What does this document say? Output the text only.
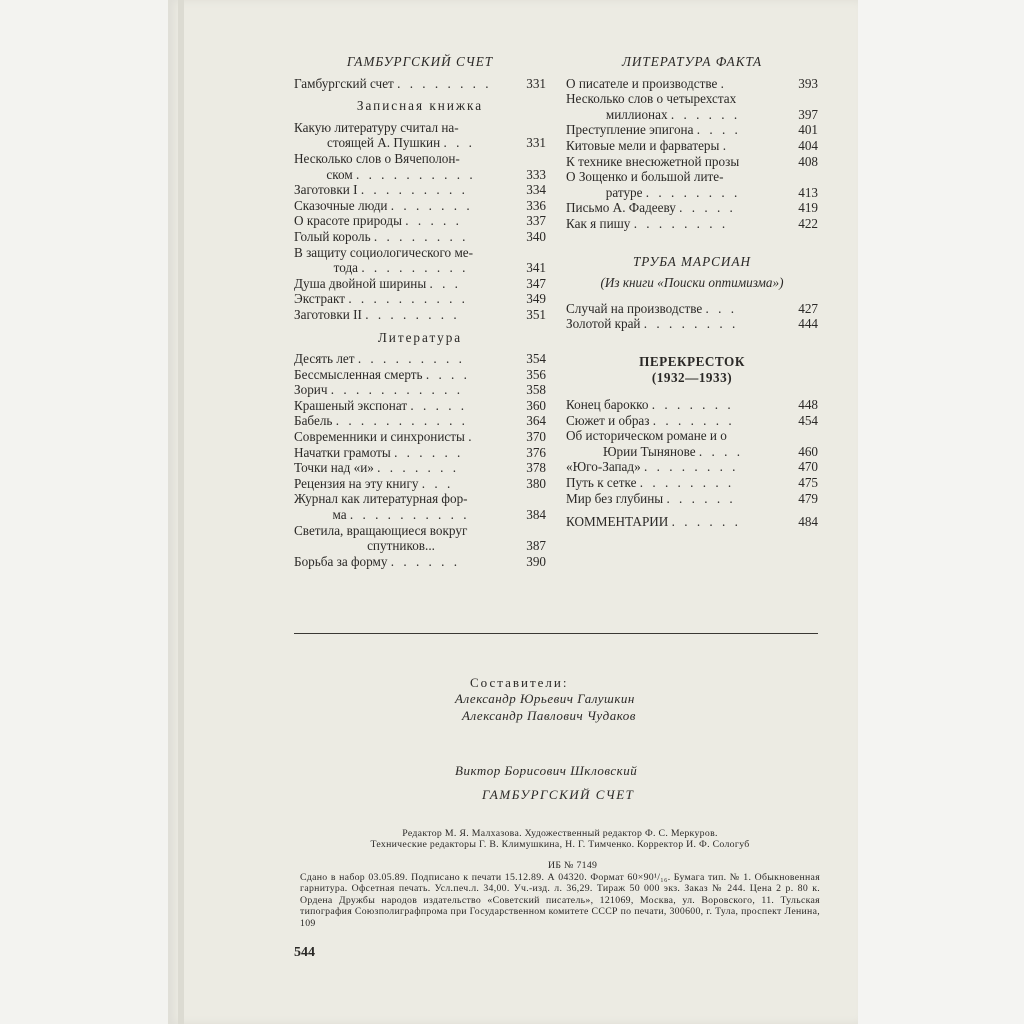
ГАМБУРГСКИЙ СЧЕТ
Гамбургский счет . . . . . . . .	331
Записная книжка
Какую литературу считал на-
стоящей А. Пушкин . . .	331
Несколько слов о Вячеполон-
ском . . . . . . . . . .	333
Заготовки I . . . . . . . . .	334
Сказочные люди . . . . . . .	336
О красоте природы . . . . .	337
Голый король . . . . . . . .	340
В защиту социологического ме-
тода . . . . . . . . .	341
Душа двойной ширины . . .	347
Экстракт . . . . . . . . . .	349
Заготовки II . . . . . . . .	351
Литература
Десять лет . . . . . . . . .	354
Бессмысленная смерть . . . .	356
Зорич . . . . . . . . . . .	358
Крашеный экспонат . . . . .	360
Бабель . . . . . . . . . . .	364
Современники и синхронисты .	370
Начатки грамоты . . . . . .	376
Точки над «и» . . . . . . .	378
Рецензия на эту книгу . . .	380
Журнал как литературная фор-
ма . . . . . . . . . .	384
Светила, вращающиеся вокруг
спутников...	387
Борьба за форму . . . . . .	390
ЛИТЕРАТУРА ФАКТА
О писателе и производстве .	393
Несколько слов о четырехстах
миллионах . . . . . .	397
Преступление эпигона . . . .	401
Китовые мели и фарватеры .	404
К технике внесюжетной прозы	408
О Зощенко и большой лите-
ратуре . . . . . . . .	413
Письмо А. Фадееву . . . . .	419
Как я пишу . . . . . . . .	422
ТРУБА МАРСИАН
(Из книги «Поиски оптимизма»)
Случай на производстве . . .	427
Золотой край . . . . . . . .	444
ПЕРЕКРЕСТОК
(1932—1933)
Конец барокко . . . . . . .	448
Сюжет и образ . . . . . . .	454
Об историческом романе и о
Юрии Тынянове . . . .	460
«Юго-Запад» . . . . . . . .	470
Путь к сетке . . . . . . . .	475
Мир без глубины . . . . . .	479
КОММЕНТАРИИ . . . . . .	484
Составители:
Александр Юрьевич Галушкин
Александр Павлович Чудаков
Виктор Борисович Шкловский
ГАМБУРГСКИЙ СЧЕТ
Редактор М. Я. Малхазова. Художественный редактор Ф. С. Меркуров.
Технические редакторы Г. В. Климушкина, Н. Г. Тимченко. Корректор И. Ф. Сологуб
ИБ № 7149
Сдано в набор 03.05.89. Подписано к печати 15.12.89. А 04320. Формат 60×90¹/₁₆. Бумага тип. № 1. Обыкновенная гарнитура. Офсетная печать. Усл.печ.л. 34,00. Уч.-изд. л. 36,29. Тираж 50 000 экз. Заказ № 244. Цена 2 р. 80 к. Ордена Дружбы народов издательство «Советский писатель», 121069, Москва, ул. Воровского, 11. Тульская типография Союзполиграфпрома при Государственном комитете СССР по печати, 300600, г. Тула, проспект Ленина, 109
544
